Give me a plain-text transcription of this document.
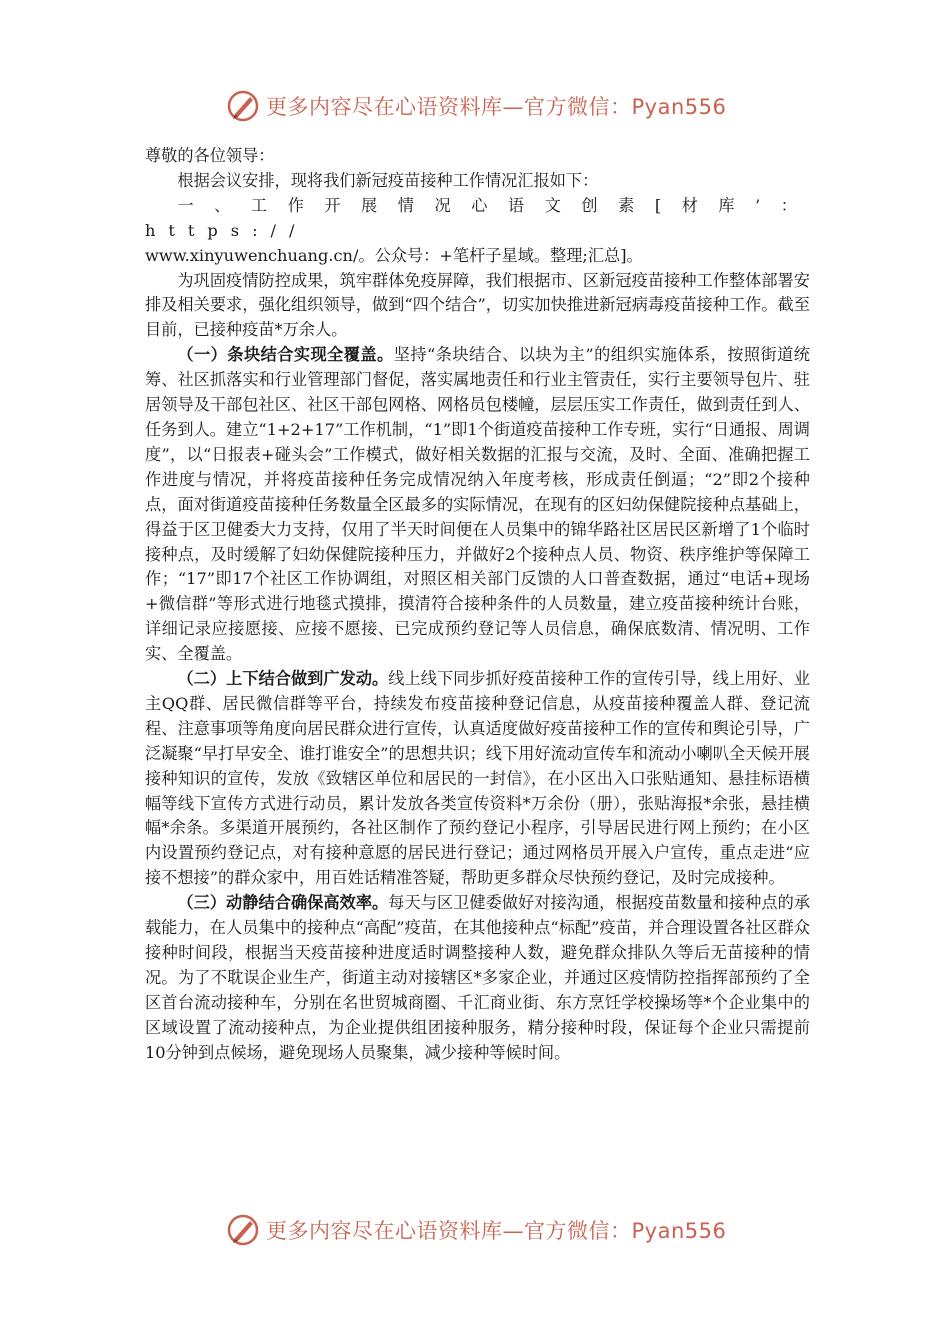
更多内容尽在心语资料库—官方微信：Pyan556

尊敬的各位领导：

根据会议安排，现将我们新冠疫苗接种工作情况汇报如下：

一、工作开展情况心语文创素[材库’：https://

www.xinyuwenchuang.cn/。公众号：+笔杆子星域。整理;汇总]。

为巩固疫情防控成果，筑牢群体免疫屏障，我们根据市、区新冠疫苗接种工作整体部署安排及相关要求，强化组织领导，做到“四个结合”，切实加快推进新冠病毒疫苗接种工作。截至目前，已接种疫苗*万余人。

（一）条块结合实现全覆盖。坚持“条块结合、以块为主”的组织实施体系，按照街道统筹、社区抓落实和行业管理部门督促，落实属地责任和行业主管责任，实行主要领导包片、驻居领导及干部包社区、社区干部包网格、网格员包楼幢，层层压实工作责任，做到责任到人、任务到人。建立“1+2+17”工作机制，“1”即1个街道疫苗接种工作专班，实行“日通报、周调度”，以“日报表+碰头会”工作模式，做好相关数据的汇报与交流，及时、全面、准确把握工作进度与情况，并将疫苗接种任务完成情况纳入年度考核，形成责任倒逼；“2”即2个接种点，面对街道疫苗接种任务数量全区最多的实际情况，在现有的区妇幼保健院接种点基础上，得益于区卫健委大力支持，仅用了半天时间便在人员集中的锦华路社区居民区新增了1个临时接种点，及时缓解了妇幼保健院接种压力，并做好2个接种点人员、物资、秩序维护等保障工作；“17”即17个社区工作协调组，对照区相关部门反馈的人口普查数据，通过“电话+现场+微信群”等形式进行地毯式摸排，摸清符合接种条件的人员数量，建立疫苗接种统计台账，详细记录应接愿接、应接不愿接、已完成预约登记等人员信息，确保底数清、情况明、工作实、全覆盖。

（二）上下结合做到广发动。线上线下同步抓好疫苗接种工作的宣传引导，线上用好、业主QQ群、居民微信群等平台，持续发布疫苗接种登记信息，从疫苗接种覆盖人群、登记流程、注意事项等角度向居民群众进行宣传，认真适度做好疫苗接种工作的宣传和舆论引导，广泛凝聚“早打早安全、谁打谁安全”的思想共识；线下用好流动宣传车和流动小喇叭全天候开展接种知识的宣传，发放《致辖区单位和居民的一封信》，在小区出入口张贴通知、悬挂标语横幅等线下宣传方式进行动员，累计发放各类宣传资料*万余份（册），张贴海报*余张，悬挂横幅*余条。多渠道开展预约，各社区制作了预约登记小程序，引导居民进行网上预约；在小区内设置预约登记点，对有接种意愿的居民进行登记；通过网格员开展入户宣传，重点走进“应接不想接”的群众家中，用百姓话精准答疑，帮助更多群众尽快预约登记，及时完成接种。

（三）动静结合确保高效率。每天与区卫健委做好对接沟通，根据疫苗数量和接种点的承载能力，在人员集中的接种点“高配”疫苗，在其他接种点“标配”疫苗，并合理设置各社区群众接种时间段，根据当天疫苗接种进度适时调整接种人数，避免群众排队久等后无苗接种的情况。为了不耽误企业生产，街道主动对接辖区*多家企业，并通过区疫情防控指挥部预约了全区首台流动接种车，分别在名世贸城商圈、千汇商业街、东方烹饪学校操场等*个企业集中的区域设置了流动接种点，为企业提供组团接种服务，精分接种时段，保证每个企业只需提前10分钟到点候场，避免现场人员聚集，减少接种等候时间。

更多内容尽在心语资料库—官方微信：Pyan556
